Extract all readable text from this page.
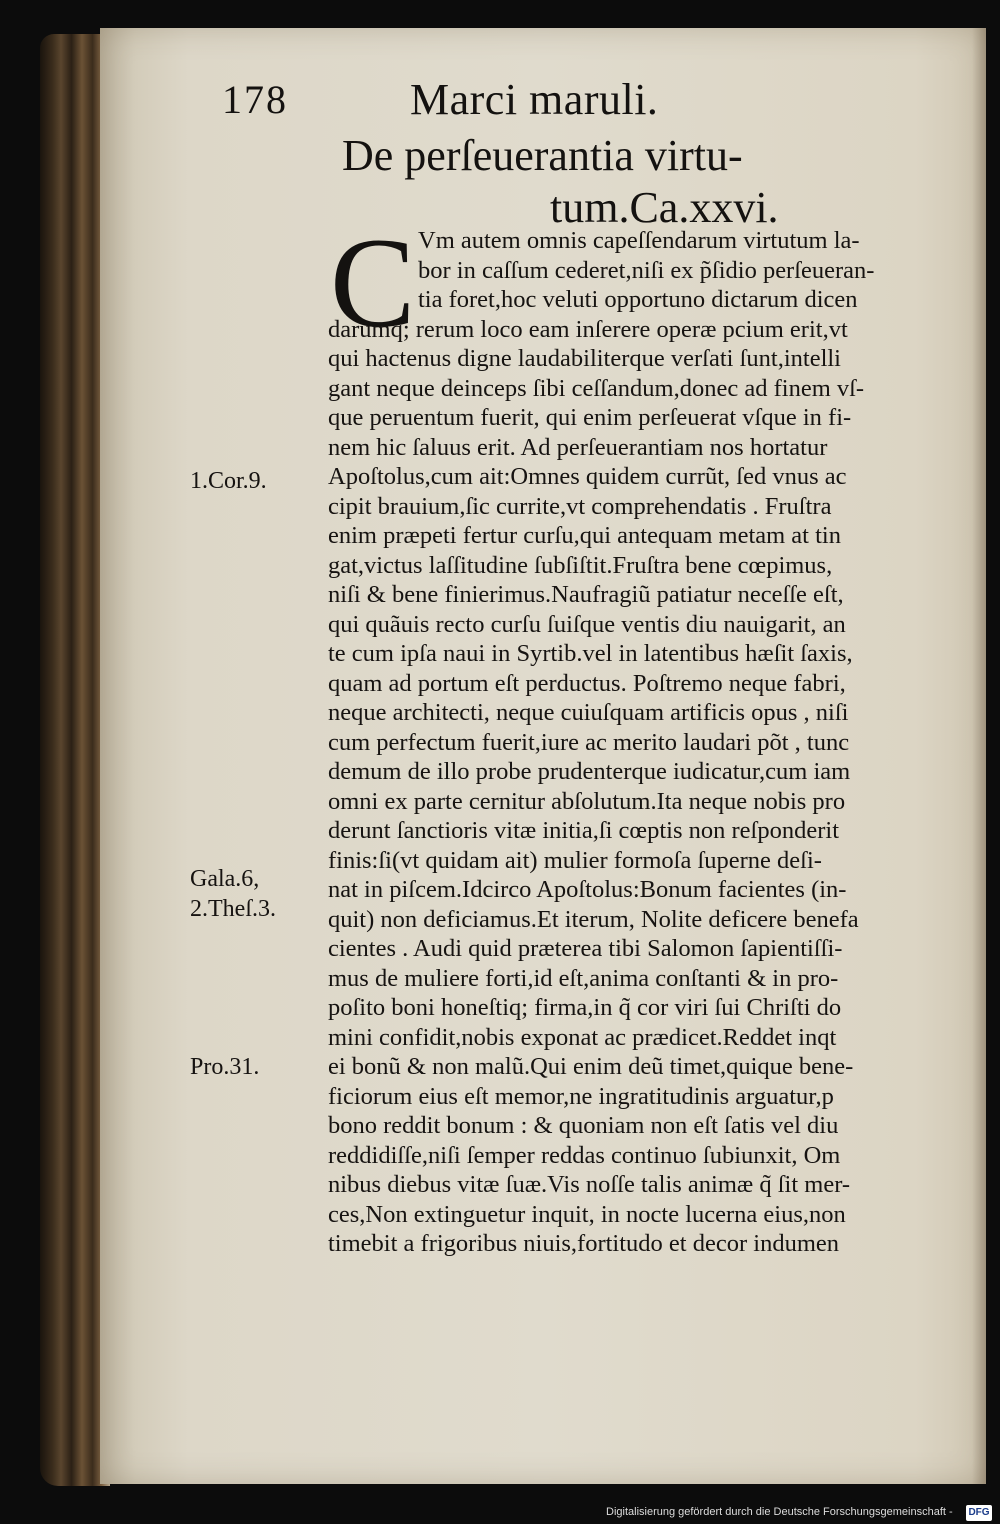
178	Marci maruli.
De perſeuerantia virtu-
tum.Ca.xxvi.
C Vm autem omnis capeſſendarum virtutum la-
bor in caſſum cederet,niſi ex p̃ſidio perſeueran-
tia foret,hoc veluti opportuno dictarum dicen
darumq; rerum loco eam inſerere operæ pcium erit,vt
qui hactenus digne laudabiliterque verſati ſunt,intelli
gant neque deinceps ſibi ceſſandum,donec ad finem vſ-
que peruentum fuerit, qui enim perſeuerat vſque in fi-
nem hic ſaluus erit. Ad perſeuerantiam nos hortatur
Apoſtolus,cum ait:Omnes quidem currũt, ſed vnus ac
cipit brauium,ſic currite,vt comprehendatis . Fruſtra
enim præpeti fertur curſu,qui antequam metam at tin
gat,victus laſſitudine ſubſiſtit.Fruſtra bene cœpimus,
niſi & bene finierimus.Naufragiũ patiatur neceſſe eſt,
qui quãuis recto curſu ſuiſque ventis diu nauigarit, an
te cum ipſa naui in Syrtib.vel in latentibus hæſit ſaxis,
quam ad portum eſt perductus. Poſtremo neque fabri,
neque architecti, neque cuiuſquam artificis opus , niſi
cum perfectum fuerit,iure ac merito laudari põt , tunc
demum de illo probe prudenterque iudicatur,cum iam
omni ex parte cernitur abſolutum.Ita neque nobis pro
derunt ſanctioris vitæ initia,ſi cœptis non reſponderit
finis:ſi(vt quidam ait) mulier formoſa ſuperne deſi-
nat in piſcem.Idcirco Apoſtolus:Bonum facientes (in-
quit) non deficiamus.Et iterum, Nolite deficere benefa
cientes . Audi quid præterea tibi Salomon ſapientiſſi-
mus de muliere forti,id eſt,anima conſtanti & in pro-
poſito boni honeſtiq; firma,in q̃ cor viri ſui Chriſti do
mini confidit,nobis exponat ac prædicet.Reddet inqt
ei bonũ & non malũ.Qui enim deũ timet,quique bene-
ficiorum eius eſt memor,ne ingratitudinis arguatur,p
bono reddit bonum : & quoniam non eſt ſatis vel diu
reddidiſſe,niſi ſemper reddas continuo ſubiunxit, Om
nibus diebus vitæ ſuæ.Vis noſſe talis animæ q̃ ſit mer-
ces,Non extinguetur inquit, in nocte lucerna eius,non
timebit a frigoribus niuis,fortitudo et decor indumen
1.Cor.9.
Gala.6,
2.Theſ.3.
Pro.31.
Digitalisierung gefördert durch die Deutsche Forschungsgemeinschaft - DFG
